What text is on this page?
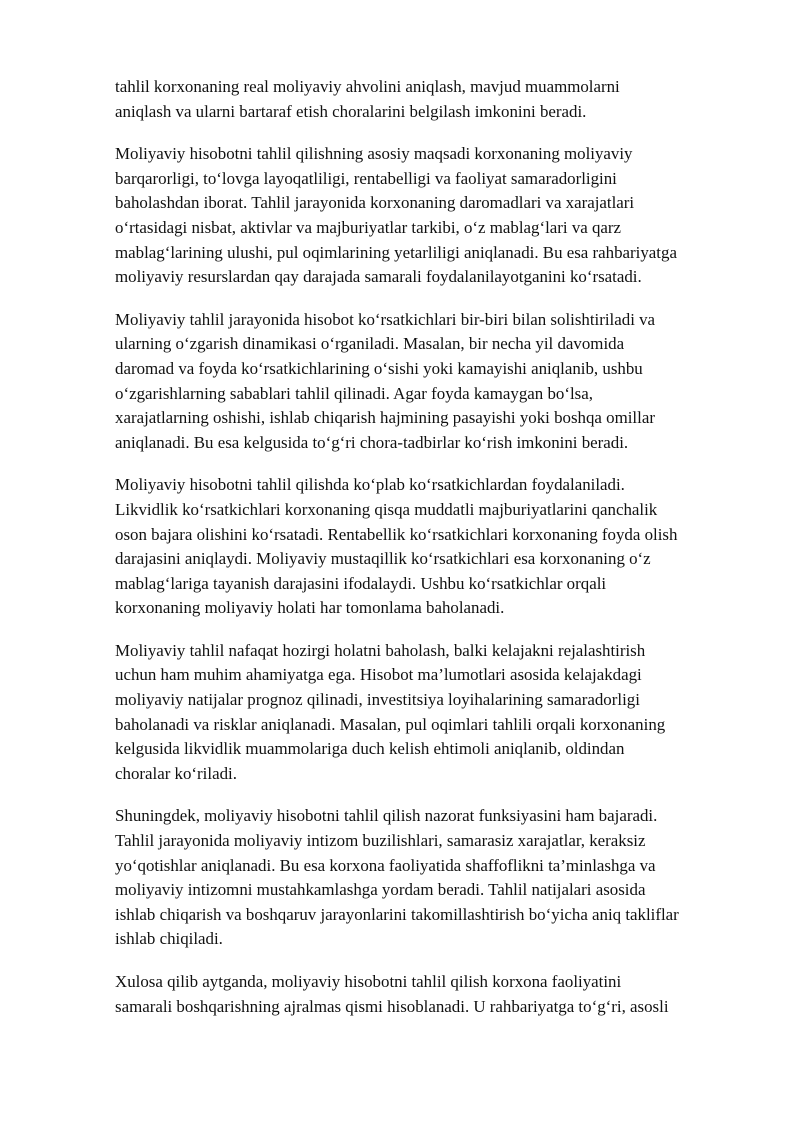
tahlil korxonaning real moliyaviy ahvolini aniqlash, mavjud muammolarni
aniqlash va ularni bartaraf etish choralarini belgilash imkonini beradi.

Moliyaviy hisobotni tahlil qilishning asosiy maqsadi korxonaning moliyaviy
barqarorligi, to‘lovga layoqatliligi, rentabelligi va faoliyat samaradorligini
baholashdan iborat. Tahlil jarayonida korxonaning daromadlari va xarajatlari
o‘rtasidagi nisbat, aktivlar va majburiyatlar tarkibi, o‘z mablag‘lari va qarz
mablag‘larining ulushi, pul oqimlarining yetarliligi aniqlanadi. Bu esa rahbariyatga
moliyaviy resurslardan qay darajada samarali foydalanilayotganini ko‘rsatadi.

Moliyaviy tahlil jarayonida hisobot ko‘rsatkichlari bir-biri bilan solishtiriladi va
ularning o‘zgarish dinamikasi o‘rganiladi. Masalan, bir necha yil davomida
daromad va foyda ko‘rsatkichlarining o‘sishi yoki kamayishi aniqlanib, ushbu
o‘zgarishlarning sabablari tahlil qilinadi. Agar foyda kamaygan bo‘lsa,
xarajatlarning oshishi, ishlab chiqarish hajmining pasayishi yoki boshqa omillar
aniqlanadi. Bu esa kelgusida to‘g‘ri chora-tadbirlar ko‘rish imkonini beradi.

Moliyaviy hisobotni tahlil qilishda ko‘plab ko‘rsatkichlardan foydalaniladi.
Likvidlik ko‘rsatkichlari korxonaning qisqa muddatli majburiyatlarini qanchalik
oson bajara olishini ko‘rsatadi. Rentabellik ko‘rsatkichlari korxonaning foyda olish
darajasini aniqlaydi. Moliyaviy mustaqillik ko‘rsatkichlari esa korxonaning o‘z
mablag‘lariga tayanish darajasini ifodalaydi. Ushbu ko‘rsatkichlar orqali
korxonaning moliyaviy holati har tomonlama baholanadi.

Moliyaviy tahlil nafaqat hozirgi holatni baholash, balki kelajakni rejalashtirish
uchun ham muhim ahamiyatga ega. Hisobot ma’lumotlari asosida kelajakdagi
moliyaviy natijalar prognoz qilinadi, investitsiya loyihalarining samaradorligi
baholanadi va risklar aniqlanadi. Masalan, pul oqimlari tahlili orqali korxonaning
kelgusida likvidlik muammolariga duch kelish ehtimoli aniqlanib, oldindan
choralar ko‘riladi.

Shuningdek, moliyaviy hisobotni tahlil qilish nazorat funksiyasini ham bajaradi.
Tahlil jarayonida moliyaviy intizom buzilishlari, samarasiz xarajatlar, keraksiz
yo‘qotishlar aniqlanadi. Bu esa korxona faoliyatida shaffoflikni ta’minlashga va
moliyaviy intizomni mustahkamlashga yordam beradi. Tahlil natijalari asosida
ishlab chiqarish va boshqaruv jarayonlarini takomillashtirish bo‘yicha aniq takliflar
ishlab chiqiladi.

Xulosa qilib aytganda, moliyaviy hisobotni tahlil qilish korxona faoliyatini
samarali boshqarishning ajralmas qismi hisoblanadi. U rahbariyatga to‘g‘ri, asosli
